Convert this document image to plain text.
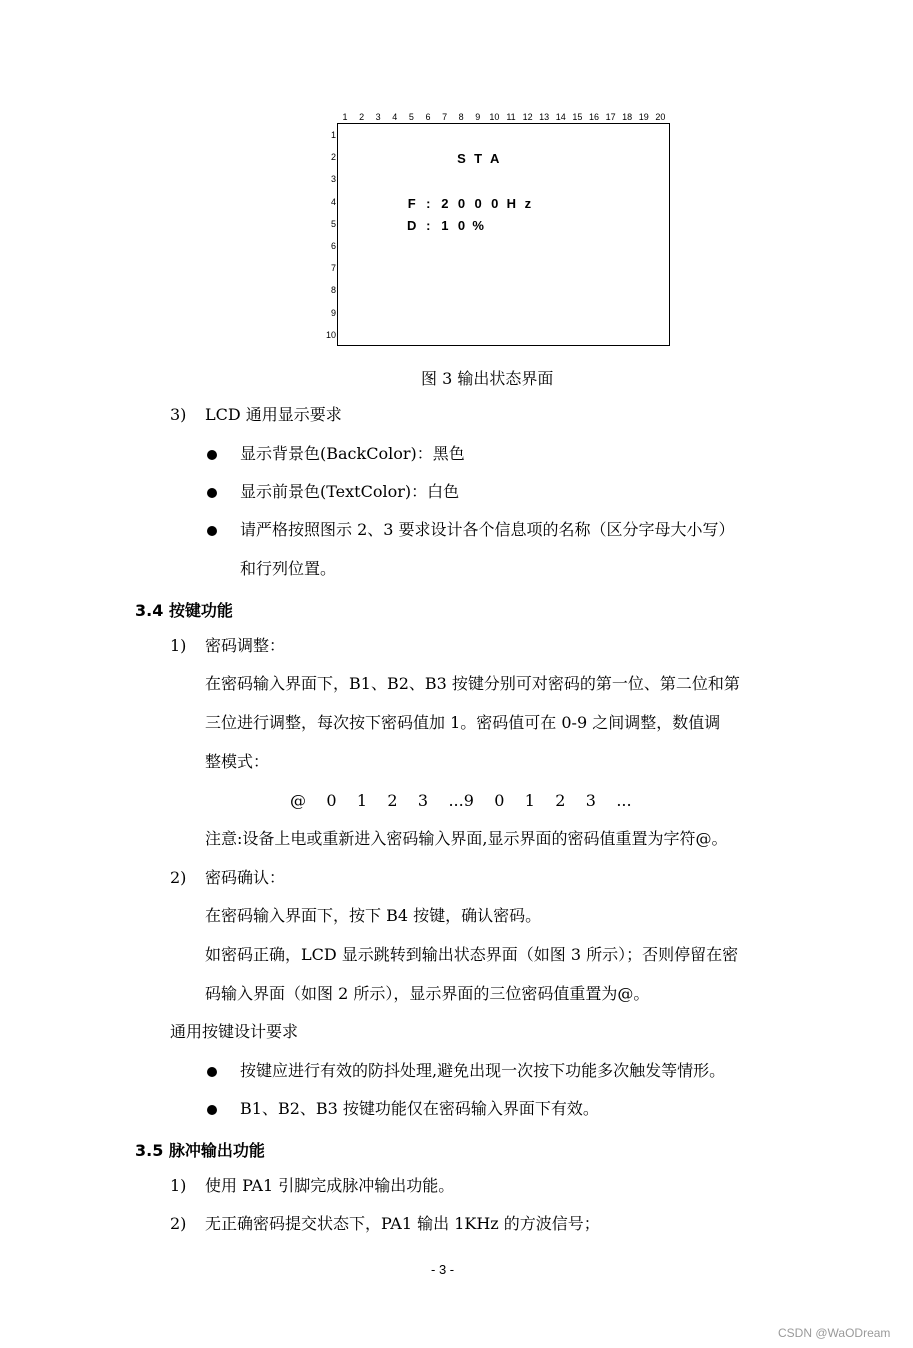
1	2	3	4	5	6	7	8	9	10 11 12 13 14 15 16 17 18 19 20
1
2
3
4
5
6
7
8
9
10
S T A
F : 2 0 0 0 H z
D : 1 0 %
图 3 输出状态界面
3) LCD 通用显示要求
显示背景色(BackColor)：黑色
显示前景色(TextColor)：白色
请严格按照图示 2、3 要求设计各个信息项的名称（区分字母大小写）
和行列位置。
3.4 按键功能
1) 密码调整：
在密码输入界面下，B1、B2、B3 按键分别可对密码的第一位、第二位和第
三位进行调整，每次按下密码值加 1。密码值可在 0-9 之间调整，数值调
整模式：
@    0    1    2    3    ...9    0    1    2    3    ...
注意:设备上电或重新进入密码输入界面,显示界面的密码值重置为字符@。
2) 密码确认：
在密码输入界面下，按下 B4 按键，确认密码。
如密码正确，LCD 显示跳转到输出状态界面（如图 3 所示）；否则停留在密
码输入界面（如图 2 所示），显示界面的三位密码值重置为@。
通用按键设计要求
按键应进行有效的防抖处理,避免出现一次按下功能多次触发等情形。
B1、B2、B3 按键功能仅在密码输入界面下有效。
3.5 脉冲输出功能
1) 使用 PA1 引脚完成脉冲输出功能。
2) 无正确密码提交状态下，PA1 输出 1KHz 的方波信号；
- 3 -
CSDN @WaODream
